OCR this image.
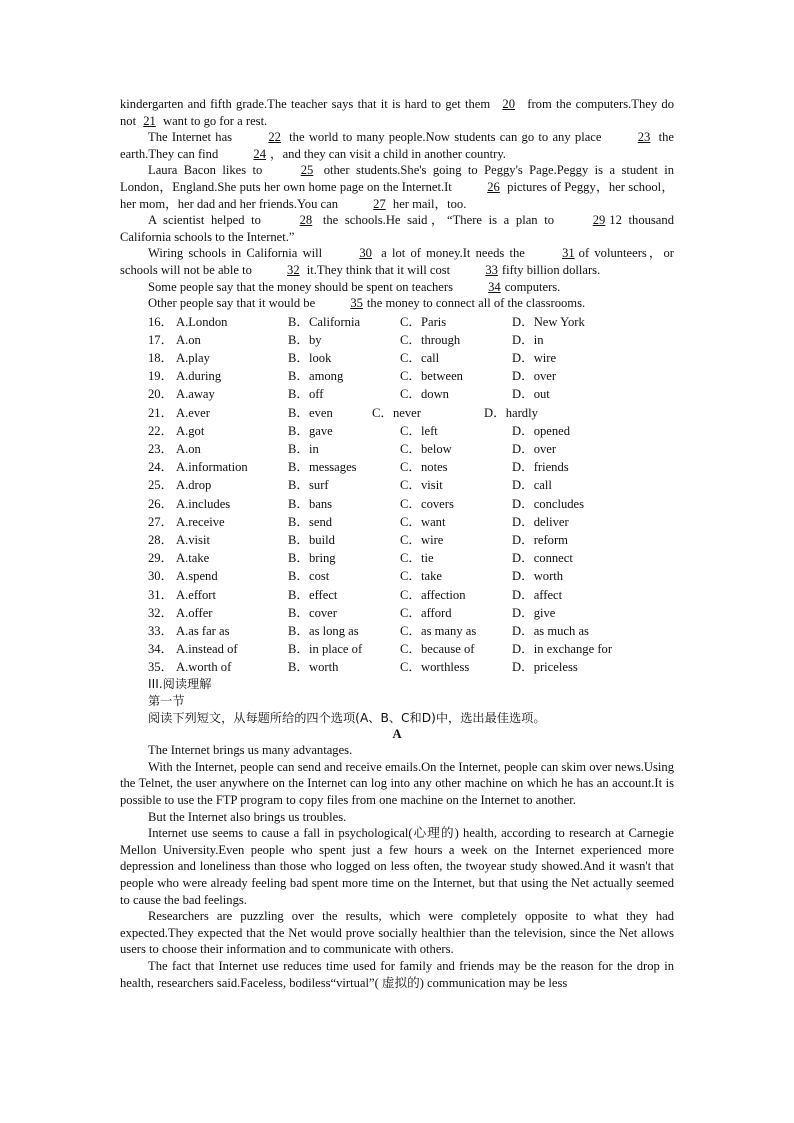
kindergarten and fifth grade.The teacher says that it is hard to get them 20 from the computers.They do not 21 want to go for a rest.

The Internet has	22 the world to many people.Now students can go to any place	23 the earth.They can find	24 ，and they can visit a child in another country.

Laura Bacon likes to	25 other students.She's going to Peggy's Page.Peggy is a student in London，England.She puts her own home page on the Internet.It	26 pictures of Peggy，her school，her mom，her dad and her friends.You can	27 her mail，too.

A scientist helped to	28 the schools.He said，“There is a plan to	29 12 thousand California schools to the Internet.”

Wiring schools in California will	30 a lot of money.It needs the	31 of volunteers，or schools will not be able to	32 it.They think that it will cost	33 fifty billion dollars.

Some people say that the money should be spent on teachers	34 computers.

Other people say that it would be	35 the money to connect all of the classrooms.

16． A.London	B．California	C．Paris	D．New York
17． A.on	B．by	C．through	D．in
18． A.play	B．look	C．call	D．wire
19． A.during	B．among	C．between	D．over
20． A.away	B．off	C．down	D．out
21． A.ever	B．even	C．never	D．hardly
22． A.got	B．gave	C．left	D．opened
23． A.on	B．in	C．below	D．over
24． A.information	B．messages	C．notes	D．friends
25． A.drop	B．surf	C．visit	D．call
26． A.includes	B．bans	C．covers	D．concludes
27． A.receive	B．send	C．want	D．deliver
28． A.visit	B．build	C．wire	D．reform
29． A.take	B．bring	C．tie	D．connect
30． A.spend	B．cost	C．take	D．worth
31． A.effort	B．effect	C．affection	D．affect
32． A.offer	B．cover	C．afford	D．give
33． A.as far as	B．as long as	C．as many as	D．as much as
34． A.instead of	B．in place of	C．because of	D．in exchange for
35． A.worth of	B．worth	C．worthless	D．priceless

III.阅读理解

第一节

阅读下列短文，从每题所给的四个选项(A、B、C和D)中，选出最佳选项。

A

The Internet brings us many advantages.

With the Internet, people can send and receive emails.On the Internet, people can skim over news.Using the Telnet, the user anywhere on the Internet can log into any other machine on which he has an account.It is possible to use the FTP program to copy files from one machine on the Internet to another.

But the Internet also brings us troubles.

Internet use seems to cause a fall in psychological(心理的) health, according to research at Carnegie Mellon University.Even people who spent just a few hours a week on the Internet experienced more depression and loneliness than those who logged on less often, the twoyear study showed.And it wasn't that people who were already feeling bad spent more time on the Internet, but that using the Net actually seemed to cause the bad feelings.

Researchers are puzzling over the results, which were completely opposite to what they had expected.They expected that the Net would prove socially healthier than the television, since the Net allows users to choose their information and to communicate with others.

The fact that Internet use reduces time used for family and friends may be the reason for the drop in health, researchers said.Faceless, bodiless“virtual”( 虚拟的) communication may be less
